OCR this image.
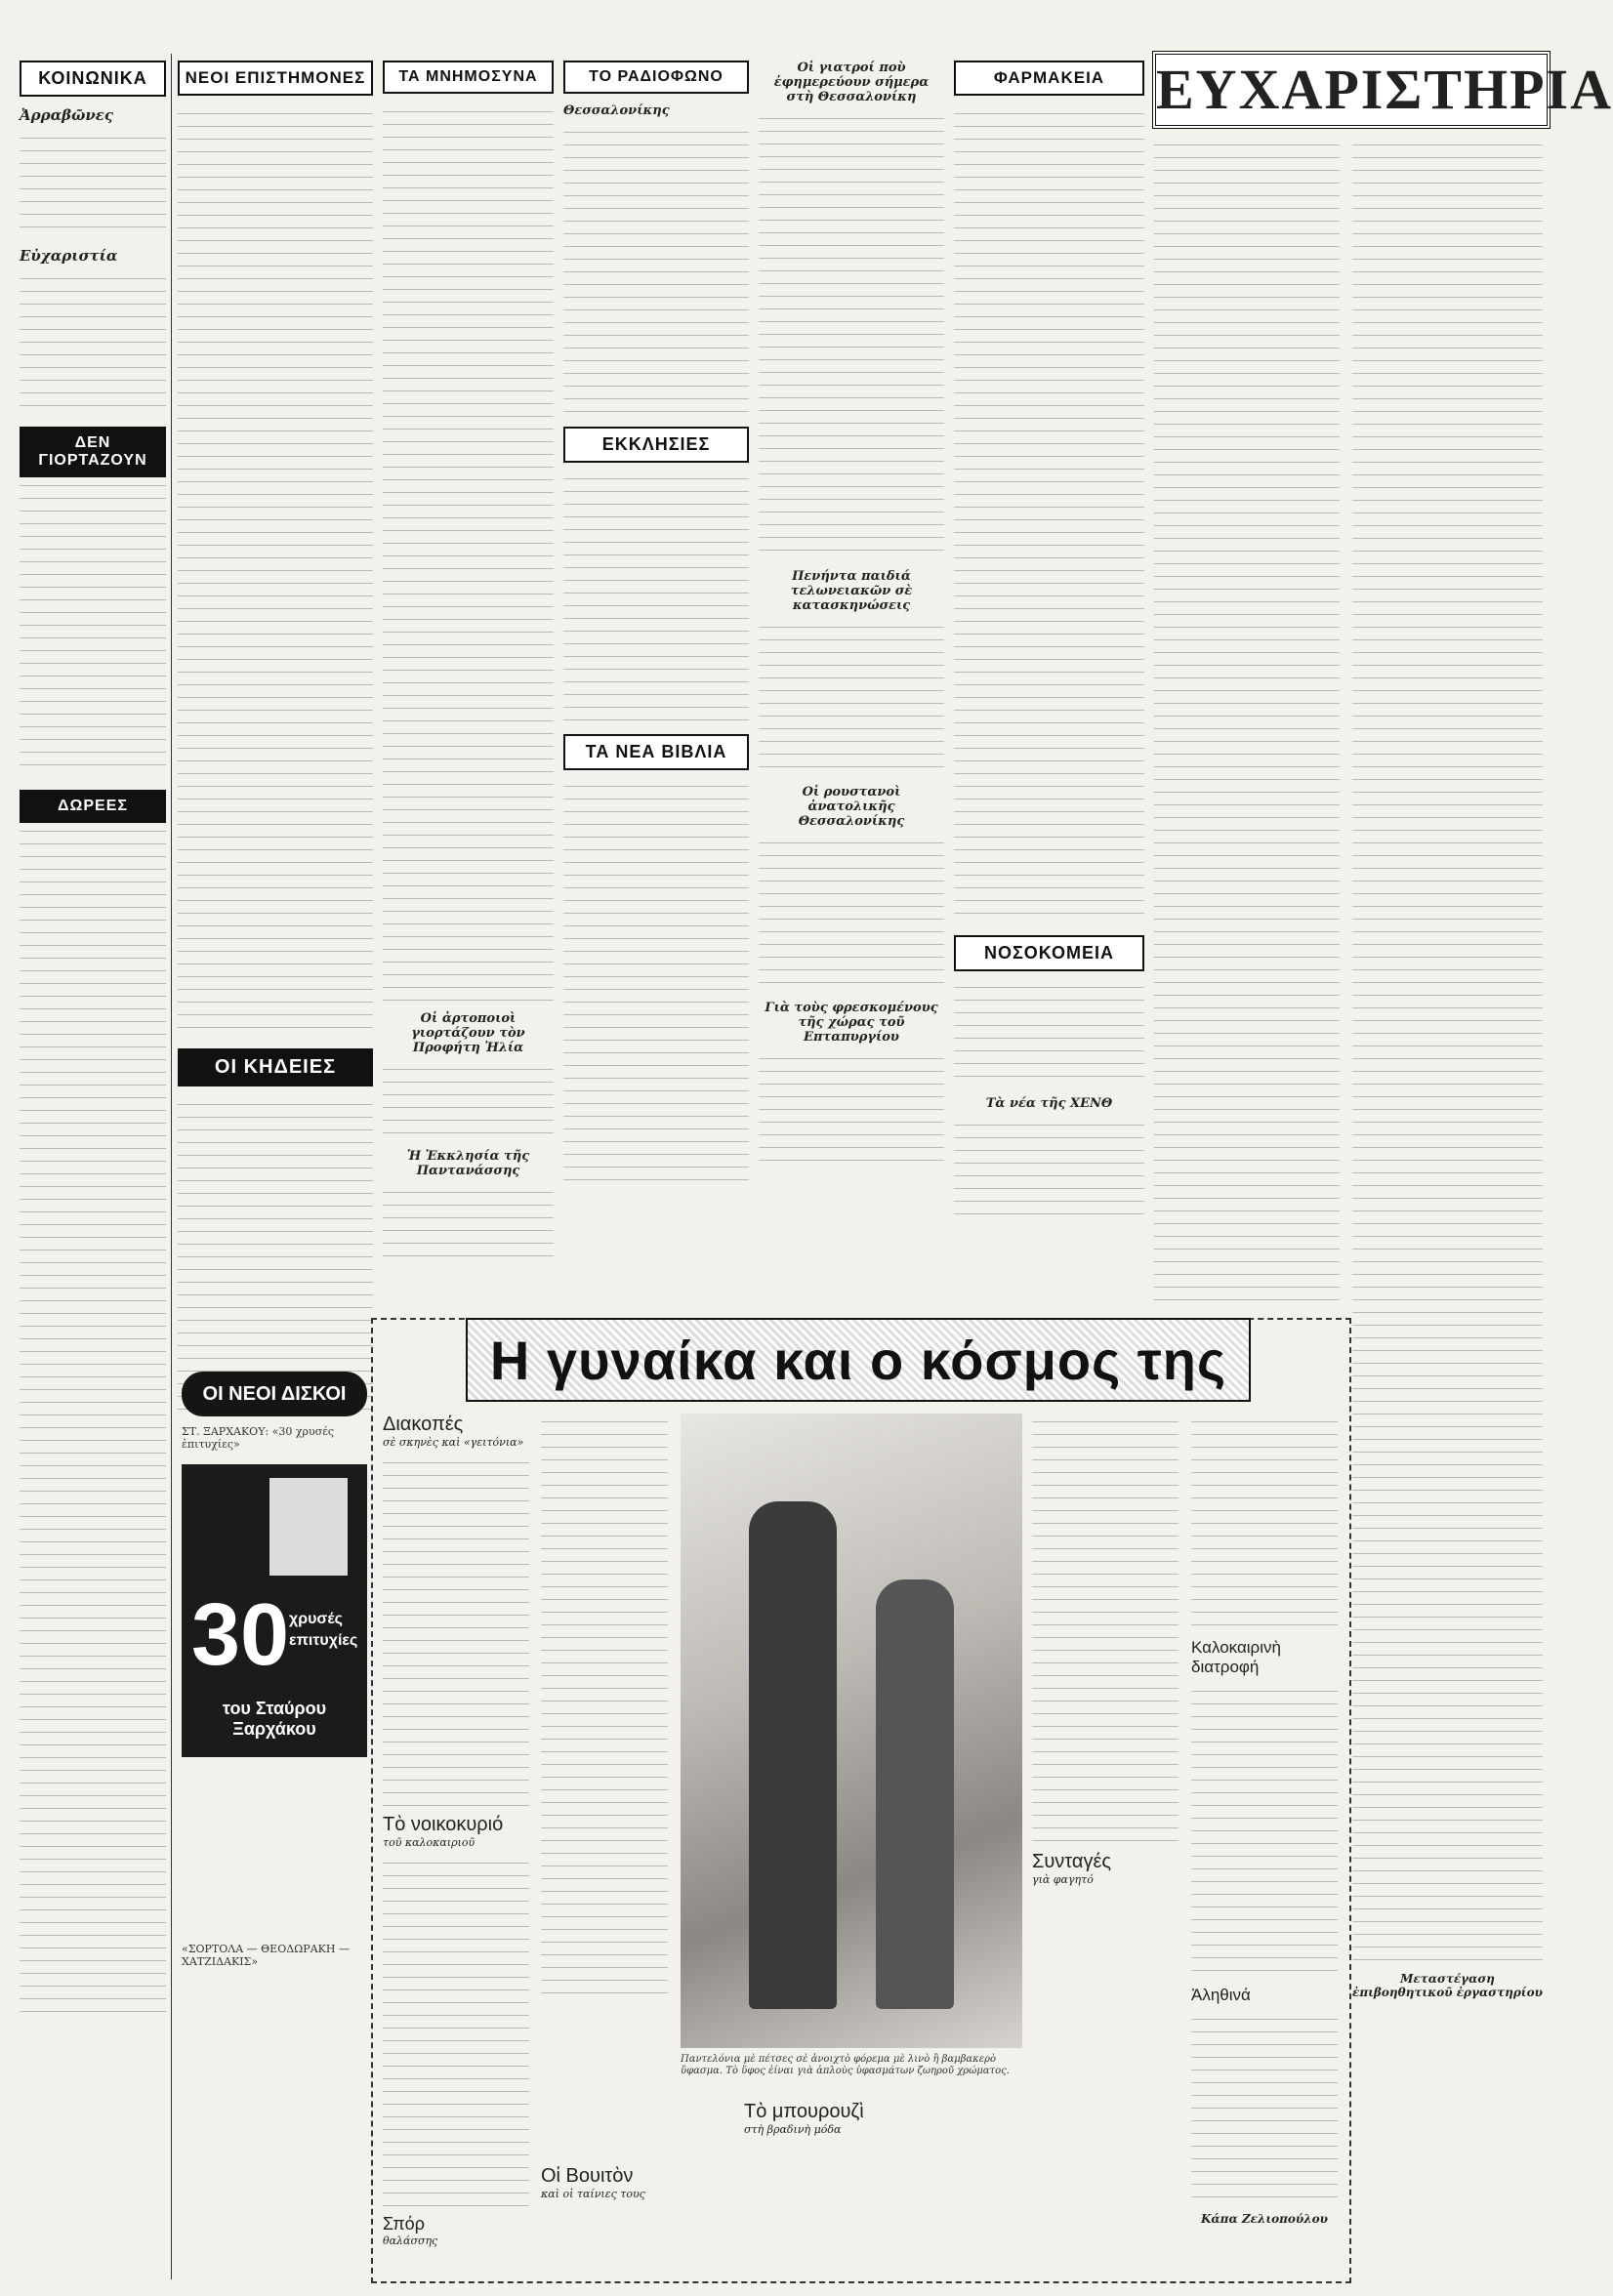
ΚΟΙΝΩΝΙΚΑ
Ἀρραβῶνες
Εὐχαριστία
ΔΕΝ ΓΙΟΡΤΑΖΟΥΝ
ΔΩΡΕΕΣ
ΝΕΟΙ ΕΠΙΣΤΗΜΟΝΕΣ
ΟΙ ΚΗΔΕΙΕΣ
ΤΑ ΜΝΗΜΟΣΥΝΑ
Οἱ ἀρτοποιοὶ γιορτάζουν τὸν Προφήτη Ἠλία
Ἡ Ἐκκλησία τῆς Παντανάσσης
ΤΟ ΡΑΔΙΟΦΩΝΟ
Θεσσαλονίκης
ΕΚΚΛΗΣΙΕΣ
ΤΑ ΝΕΑ ΒΙΒΛΙΑ
Οἱ γιατροί ποὺ ἐφημερεύουν σήμερα στὴ Θεσσαλονίκη
Πενήντα παιδιά τελωνειακῶν σὲ κατασκηνώσεις
Οἱ ρουστανοὶ ἀνατολικῆς Θεσσαλονίκης
Γιὰ τοὺς φρεσκομένους τῆς χώρας τοῦ Επταπυργίου
ΦΑΡΜΑΚΕΙΑ
ΝΟΣΟΚΟΜΕΙΑ
Τὰ νέα τῆς ΧΕΝΘ
ΕΥΧΑΡΙΣΤΗΡΙΑ
Μεταστέγαση ἐπιβοηθητικοῦ ἐργαστηρίου
Η γυναίκα και ο κόσμος της
Διακοπές
σὲ σκηνὲς καὶ «γειτόνια»
Τὸ νοικοκυριό
τοῦ καλοκαιριοῦ
Σπόρ
θαλάσσης
Οἱ Βουιτὸν
καὶ οἱ ταίνιες τους
Παντελόνια μὲ πέτσες σὲ ἀνοιχτὸ φόρεμα μὲ λινὸ ἢ βαμβακερὸ ὕφασμα. Τὸ ὕφος ἐίναι γιὰ ἀπλοὺς ὑφασμάτων ζωηροῦ χρώματος.
Συνταγές
γιὰ φαγητό
Τὸ μπουρουζὶ
στὴ βραδινὴ μόδα
Καλοκαιρινὴ διατροφή
Ἀληθινά
Κάπα Ζελιοπούλου
ΟΙ ΝΕΟΙ ΔΙΣΚΟΙ
ΣΤ. ΞΑΡΧΑΚΟΥ: «30 χρυσές ἐπιτυχίες»
30 χρυσές
επιτυχίες
του Σταύρου Ξαρχάκου
«ΣΟΡΤΟΛΑ — ΘΕΟΔΩΡΑΚΗ — ΧΑΤΖΙΔΑΚΙΣ»
